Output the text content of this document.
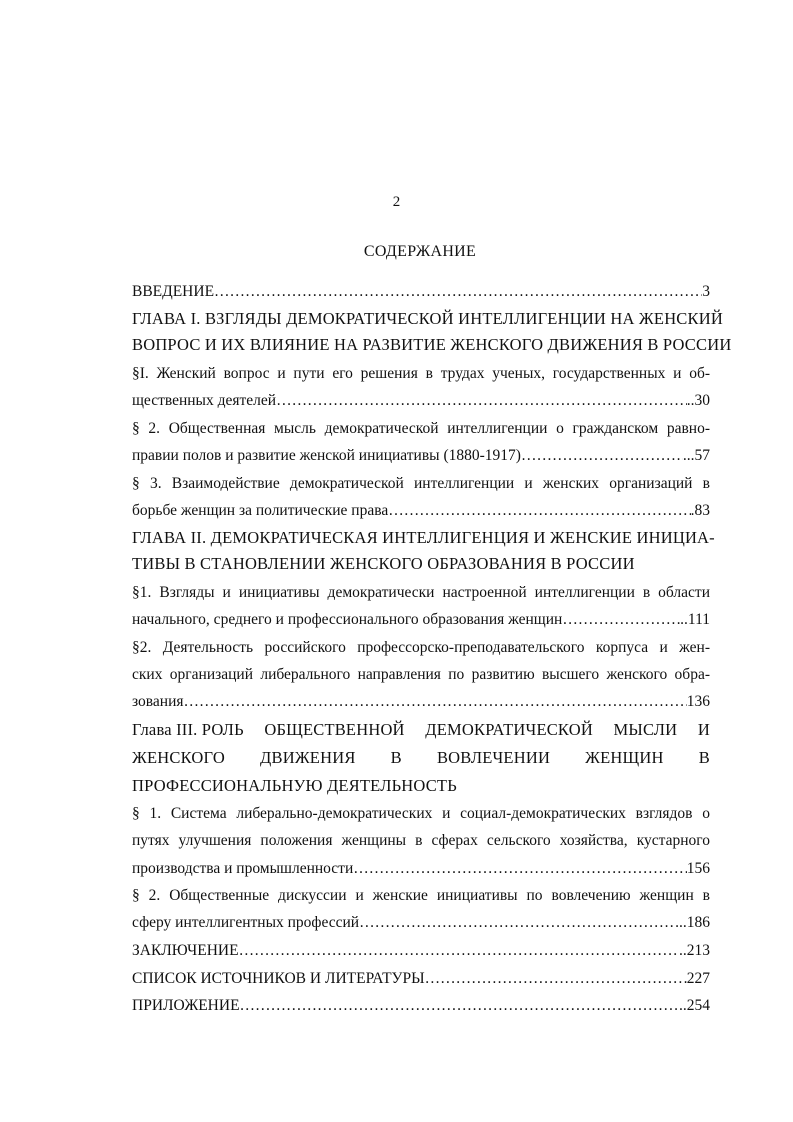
2
СОДЕРЖАНИЕ
ВВЕДЕНИЕ ……………………………………………………………………………………………………………………………………………………………………………………………………………………	3
ГЛАВА I. ВЗГЛЯДЫ ДЕМОКРАТИЧЕСКОЙ ИНТЕЛЛИГЕНЦИИ НА ЖЕНСКИЙ
ВОПРОС И ИХ ВЛИЯНИЕ НА РАЗВИТИЕ ЖЕНСКОГО ДВИЖЕНИЯ В РОССИИ
§I. Женский вопрос и пути его решения в трудах ученых, государственных и об-
щественных деятелей ……………………………………………………………………………………………………………………………………………………………………………………………………………………	..30
§ 2. Общественная мысль демократической интеллигенции о гражданском равно-
правии полов и развитие женской инициативы (1880-1917) ……………………………………………………………………………………………………………………………………………………………………………………………………………………	...57
§ 3. Взаимодействие демократической интеллигенции и женских организаций в
борьбе женщин за политические права ……………………………………………………………………………………………………………………………………………………………………………………………………………………	.83
ГЛАВА II. ДЕМОКРАТИЧЕСКАЯ ИНТЕЛЛИГЕНЦИЯ И ЖЕНСКИЕ ИНИЦИА-
ТИВЫ В СТАНОВЛЕНИИ ЖЕНСКОГО ОБРАЗОВАНИЯ В РОССИИ
§1. Взгляды и инициативы демократически настроенной интеллигенции в области
начального, среднего и профессионального образования женщин ……………………………………………………………………………………………………………………………………………………………………………………………………………………	..111
§2. Деятельность российского профессорско-преподавательского корпуса и жен-
ских организаций либерального направления по развитию высшего женского обра-
зования ……………………………………………………………………………………………………………………………………………………………………………………………………………………	136
Глава III. РОЛЬ ОБЩЕСТВЕННОЙ ДЕМОКРАТИЧЕСКОЙ МЫСЛИ И
ЖЕНСКОГО ДВИЖЕНИЯ В ВОВЛЕЧЕНИИ ЖЕНЩИН В
ПРОФЕССИОНАЛЬНУЮ ДЕЯТЕЛЬНОСТЬ
§ 1. Система либерально-демократических и социал-демократических взглядов о
путях улучшения положения женщины в сферах сельского хозяйства, кустарного
производства и промышленности ……………………………………………………………………………………………………………………………………………………………………………………………………………………	156
§ 2. Общественные дискуссии и женские инициативы по вовлечению женщин в
сферу интеллигентных профессий ……………………………………………………………………………………………………………………………………………………………………………………………………………………	...186
ЗАКЛЮЧЕНИЕ ……………………………………………………………………………………………………………………………………………………………………………………………………………………	..213
СПИСОК ИСТОЧНИКОВ И ЛИТЕРАТУРЫ ……………………………………………………………………………………………………………………………………………………………………………………………………………………	227
ПРИЛОЖЕНИЕ ……………………………………………………………………………………………………………………………………………………………………………………………………………………	..254
